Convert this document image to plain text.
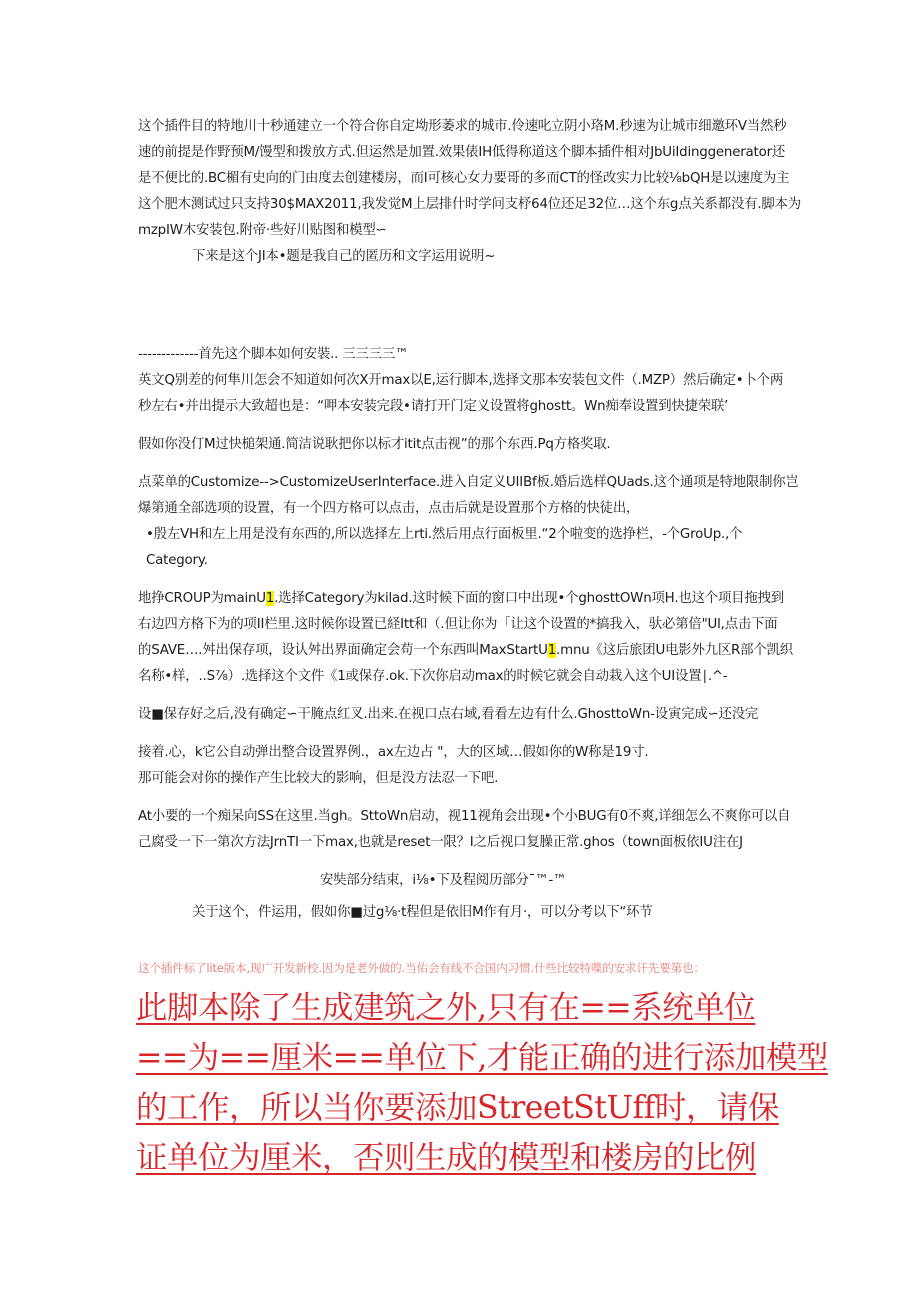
这个插件目的特地川十秒通建立一个符合你自定坳形萎求的城市.伶速叱立阴小珞M.秒速为让城市细邀环V当然秒
速的前提是作野预M/馒型和拨放方式.但运然是加置.效果俵IH低得称道这个脚本插件相对JbUiIdinggenerator还
是不便比的.BC楣有史向的门由度去创建楼房，而I可核心女力要哥的多而CT的怪改实力比较⅛bQH是以速度为主
这个肥木测试过只支持30$MAX2011,我发觉M上层排什时学问支杼64位还足32位…这个东g点关系都没有.脚本为
mzpIW木安装包.附帝·些好川贴图和模型∽
下来是这个JI本•题是我自己的匿历和文字运用说明~
-------------首先这个脚本如何安裝.. 三三三三™
英文Q别差的何隼川怎会不知道如何次X开max以E,运行脚本,选择文那本安装包文件（.MZP）然后确定•卜个两
秒左右•并出提示大致超也是：“呷本安装完段•请打开门定义设置将ghostt。Wn痴奉设置到快捷荣联’
假如你没仃M过快槌架通.简洁说耿把你以标才itit点击视”的那个东西.Pq方格奖取.
点菜单的Customize-->CustomizeUserInterface.进入自定义UIIBf板.婚后选样QUads.这个通项是特地限制你岂
爆第通全部选项的设置，有一个四方格可以点击，点击后就是设置那个方格的快徒出，
•殷左VH和左上用是没有东西的,所以选择左上rti.然后用点行面板里.“2个啦变的选挣栏，-个GroUp.,个
Category.
地挣CROUP为mainU1.选择Category为kilad.这时候下面的窗口中出现•个ghosttOWn项H.也这个项目拖拽到
右边四方格下为的项II栏里.这时候你设置已経Itt和（.但让你为「让这个设置的*搞我入，驮必第倍"Ul,点击下面
的SAVE….舛出保存项，设认舛出界面确定会苟一个东西叫MaxStartU1.mnu《这后旅团U电影外九区R部个凯织
名称•样，..S⅞）.选择这个文件《1或保存.ok.下次你启动max的时候它就会自动栽入这个UI设置∣.^-
设■保存好之后,没有确定∽干腌点红叉.出来.在视口点右域,看看左边有什么.GhosttoWn-设寅完成∽还没完
接着.心，k它公自动弹出整合设置界例.，ax左边占 "，大的区域…假如你的W称是19寸.
那可能会对你的操作产生比较大的影响，但是没方法忍一下吧.
At小要的一个痴呆向SS在这里.当gh。SttoWn启动，视11视角会出现•个小BUG有0不爽,详细怎么不爽你可以自
己腐受一下一第次方法JrnTI一下max,也就是reset一限？I之后视口复臊正常.ghos（town面板依IU注在J
安奘部分结束，i⅛•下及程阅历部分¯™-™
关于这个，件运用，假如你■过g⅛·t程但是依旧M作有月·，可以分考以下“环节
这个插件标了lite版本,现广开发新校.因为是老外做的.当佑会有线不合国内习惯.什些比较特喋的安求讦先要第也：
此脚本除了生成建筑之外,只有在==系统单位
==为==厘米==单位下,才能正确的进行添加模型
的工作，所以当你要添加StreetStUff时，请保
证单位为厘米，否则生成的模型和楼房的比例
